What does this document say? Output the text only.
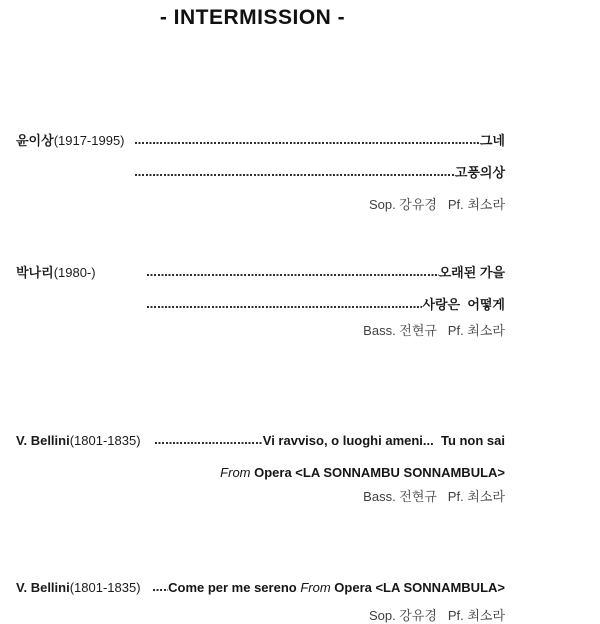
- INTERMISSION -
윤이상(1917-1995)	그네
고풍의상
Sop. 강유경   Pf. 최소라
박나리(1980-)	오래된 가을
사랑은  어떻게
Bass. 전현규   Pf. 최소라
V. Bellini(1801-1835)	Vi ravviso, o luoghi ameni...  Tu non sai
From Opera <LA SONNAMBU SONNAMBULA>
Bass. 전현규   Pf. 최소라
V. Bellini(1801-1835)	Come per me sereno From Opera <LA SONNAMBULA>
Sop. 강유경   Pf. 최소라
